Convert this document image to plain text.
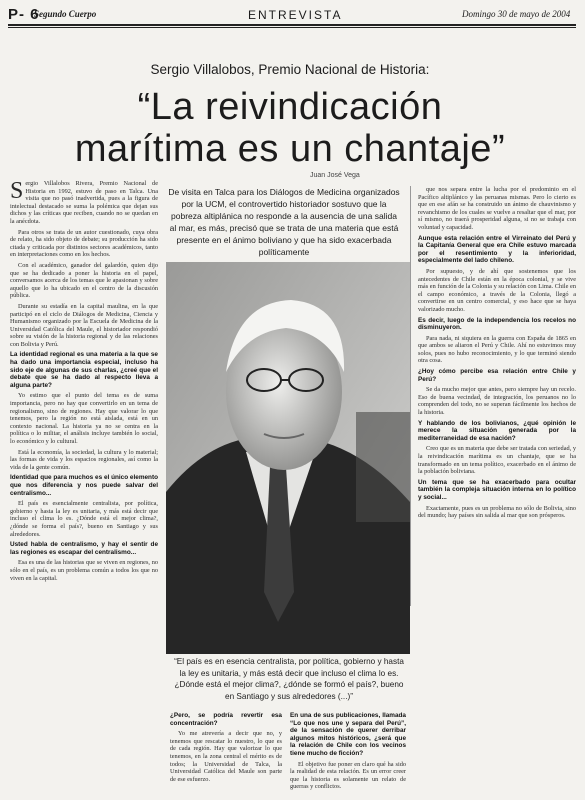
P- 6
Segundo Cuerpo	ENTREVISTA	Domingo 30 de mayo de 2004
Sergio Villalobos, Premio Nacional de Historia:
“La reivindicación
marítima es un chantaje”
Juan José Vega
De visita en Talca para los Diálogos de Medicina organizados por la UCM, el controvertido historiador sostuvo que la pobreza altiplánica no responde a la ausencia de una salida al mar, es más, precisó que se trata de una materia que está presente en el ánimo boliviano y que ha sido exacerbada políticamente

S ergio Villalobos Rivera, Premio Nacional de Historia en 1992, estuvo de paso en Talca. Una visita que no pasó inadvertida, pues a la figura de intelectual destacado se suma la polémica que dejan sus dichos y las críticas que reciben, cuando no se quedan en la anécdota.

Para otros se trata de un autor cuestionado, cuya obra de relato, ha sido objeto de debate; su producción ha sido citada y criticada por distintos sectores académicos, tanto en interpretaciones como en los hechos.

Con el académico, ganador del galardón, quien dijo que se ha dedicado a poner la historia en el papel, conversamos acerca de los temas que le apasionan y sobre aquello que lo ha ubicado en el centro de la discusión pública.

Durante su estadía en la capital maulina, en la que participó en el ciclo de Diálogos de Medicina, Ciencia y Humanismo organizado por la Escuela de Medicina de la Universidad Católica del Maule, el historiador respondió sobre su visión de la historia regional y de las relaciones con Bolivia y Perú.

La identidad regional es una materia a la que se ha dado una importancia especial, incluso ha sido eje de algunas de sus charlas, ¿creé que el debate que se ha dado al respecto lleva a alguna parte?

Yo estimo que el punto del tema es de suma importancia, pero no hay que convertirlo en un tema de regionalismo, sino de regiones. Hay que valorar lo que tenemos, pero la región no está aislada, está en un contexto nacional. La historia ya no se centra en la política o lo militar, el análisis incluye también lo social, lo económico y lo cultural.

Está la economía, la sociedad, la cultura y lo material; las formas de vida y los espacios regionales, así como la vida de la gente común.

Identidad que para muchos es el único elemento que nos diferencia y nos puede salvar del centralismo...

El país es esencialmente centralista, por política, gobierno y hasta la ley es unitaria, y más está decir que incluso el clima lo es. ¿Dónde está el mejor clima?, ¿dónde se forma el país?, bueno en Santiago y sus alrededores.

Usted habla de centralismo, y hay el sentir de las regiones es escapar del centralismo...

Esa es una de las historias que se viven en regiones, no sólo en el país, es un problema común a todos los que no viven en la capital.

“El país es en esencia centralista, por política, gobierno y hasta la ley es unitaria, y más está decir que incluso el clima lo es. ¿Dónde está el mejor clima?, ¿dónde se formó el país?, bueno en Santiago y sus alrededores (...)”

¿Pero, se podría revertir esa concentración?

Yo me atrevería a decir que no, y tenemos que rescatar lo nuestro, lo que es de cada región. Hay que valorizar lo que tenemos, en la zona central el mérito es de todos; la Universidad de Talca, la Universidad Católica del Maule son parte de ese esfuerzo.

En una de sus publicaciones, llamada “Lo que nos une y separa del Perú”, de la sensación de querer derribar algunos mitos históricos, ¿será que la relación de Chile con los vecinos tiene mucho de ficción?

El objetivo fue poner en claro qué ha sido la realidad de esta relación. Es un error creer que la historia es solamente un relato de guerras y conflictos.

que nos separa entre la lucha por el predominio en el Pacífico altiplánico y las peruanas mismas. Pero lo cierto es que en ese afán se ha construido un ánimo de chauvinismo y revanchismo de los cuales se vuelve a resaltar que el mar, por sí mismo, no traerá prosperidad alguna, si no se trabaja con voluntad y capacidad.

Aunque esta relación entre el Virreinato del Perú y la Capitanía General que era Chile estuvo marcada por el resentimiento y la inferioridad, especialmente del lado chileno.

Por supuesto, y de ahí que sostenemos que los antecedentes de Chile están en la época colonial, y se vive más en función de la Colonia y su relación con Lima. Chile en el campo económico, a través de la Colonia, llegó a convertirse en un centro comercial, y eso hace que se haya valorizado mucho.

Es decir, luego de la independencia los recelos no disminuyeron.

Para nada, ni siquiera en la guerra con España de 1865 en que ambos se aliaron el Perú y Chile. Ahí no estuvimos muy solos, pues no hubo reconocimiento, y lo que terminó siendo otra cosa.

¿Hoy cómo percibe esa relación entre Chile y Perú?

Se da mucho mejor que antes, pero siempre hay un recelo. Eso de buena vecindad, de integración, los peruanos no lo comprenden del todo, no se superan fácilmente los hechos de la historia.

Y hablando de los bolivianos, ¿qué opinión le merece la situación generada por la mediterraneidad de esa nación?

Creo que es un materia que debe ser tratada con seriedad, y la reivindicación marítima es un chantaje, que se ha transformado en un tema político, exacerbado en el ánimo de la población boliviana.

Un tema que se ha exacerbado para ocultar también la compleja situación interna en lo político y social...

Exactamente, pues es un problema no sólo de Bolivia, sino del mundo; hay países sin salida al mar que son prósperos.
